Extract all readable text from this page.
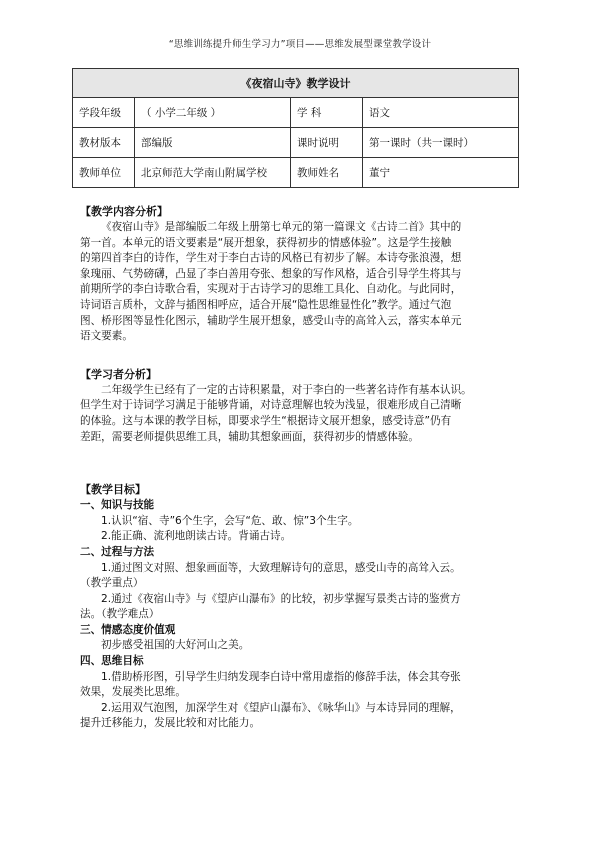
“思维训练提升师生学习力”项目——思维发展型课堂教学设计
《夜宿山寺》教学设计			
学段年级	（ 小学二年级 ）	学 科	语文
教材版本	部编版	课时说明	第一课时（共一课时）
教师单位	北京师范大学南山附属学校	教师姓名	董宁
【教学内容分析】
《夜宿山寺》是部编版二年级上册第七单元的第一篇课文《古诗二首》其中的
第一首。本单元的语文要素是“展开想象，获得初步的情感体验”。这是学生接触
的第四首李白的诗作，学生对于李白古诗的风格已有初步了解。本诗夸张浪漫，想
象瑰丽、气势磅礴，凸显了李白善用夸张、想象的写作风格，适合引导学生将其与
前期所学的李白诗歌合看，实现对于古诗学习的思维工具化、自动化。与此同时，
诗词语言质朴，文辞与插图相呼应，适合开展“隐性思维显性化”教学。通过气泡
图、桥形图等显性化图示，辅助学生展开想象，感受山寺的高耸入云，落实本单元
语文要素。
【学习者分析】
二年级学生已经有了一定的古诗积累量，对于李白的一些著名诗作有基本认识。
但学生对于诗词学习满足于能够背诵，对诗意理解也较为浅显，很难形成自己清晰
的体验。这与本课的教学目标，即要求学生“根据诗文展开想象，感受诗意”仍有
差距，需要老师提供思维工具，辅助其想象画面，获得初步的情感体验。
【教学目标】
一、知识与技能
1.认识“宿、寺”6个生字，会写“危、敢、惊”3个生字。
2.能正确、流利地朗读古诗。背诵古诗。
二、过程与方法
1.通过图文对照、想象画面等，大致理解诗句的意思，感受山寺的高耸入云。
（教学重点）
2.通过《夜宿山寺》与《望庐山瀑布》的比较，初步掌握写景类古诗的鉴赏方
法。（教学难点）
三、情感态度价值观
初步感受祖国的大好河山之美。
四、思维目标
1.借助桥形图，引导学生归纳发现李白诗中常用虚指的修辞手法，体会其夸张
效果，发展类比思维。
2.运用双气泡图，加深学生对《望庐山瀑布》、《咏华山》与本诗异同的理解，
提升迁移能力，发展比较和对比能力。
